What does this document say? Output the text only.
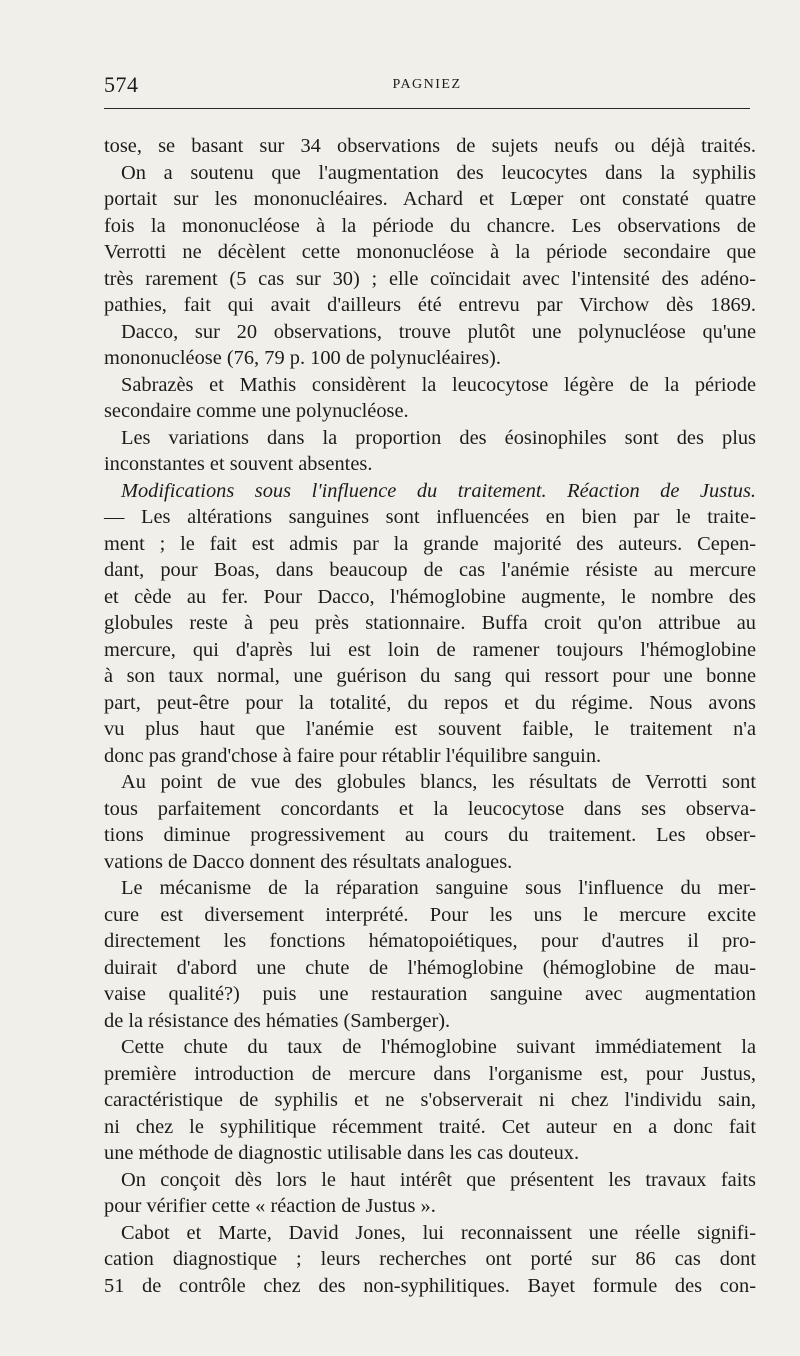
574	PAGNIEZ
tose, se basant sur 34 observations de sujets neufs ou déjà traités.
On a soutenu que l'augmentation des leucocytes dans la syphilis
portait sur les mononucléaires. Achard et Lœper ont constaté quatre
fois la mononucléose à la période du chancre. Les observations de
Verrotti ne décèlent cette mononucléose à la période secondaire que
très rarement (5 cas sur 30) ; elle coïncidait avec l'intensité des adéno-
pathies, fait qui avait d'ailleurs été entrevu par Virchow dès 1869.
Dacco, sur 20 observations, trouve plutôt une polynucléose qu'une
mononucléose (76, 79 p. 100 de polynucléaires).
Sabrazès et Mathis considèrent la leucocytose légère de la période
secondaire comme une polynucléose.
Les variations dans la proportion des éosinophiles sont des plus
inconstantes et souvent absentes.
Modifications sous l'influence du traitement. Réaction de Justus.
— Les altérations sanguines sont influencées en bien par le traite-
ment ; le fait est admis par la grande majorité des auteurs. Cepen-
dant, pour Boas, dans beaucoup de cas l'anémie résiste au mercure
et cède au fer. Pour Dacco, l'hémoglobine augmente, le nombre des
globules reste à peu près stationnaire. Buffa croit qu'on attribue au
mercure, qui d'après lui est loin de ramener toujours l'hémoglobine
à son taux normal, une guérison du sang qui ressort pour une bonne
part, peut-être pour la totalité, du repos et du régime. Nous avons
vu plus haut que l'anémie est souvent faible, le traitement n'a
donc pas grand'chose à faire pour rétablir l'équilibre sanguin.
Au point de vue des globules blancs, les résultats de Verrotti sont
tous parfaitement concordants et la leucocytose dans ses observa-
tions diminue progressivement au cours du traitement. Les obser-
vations de Dacco donnent des résultats analogues.
Le mécanisme de la réparation sanguine sous l'influence du mer-
cure est diversement interprété. Pour les uns le mercure excite
directement les fonctions hématopoiétiques, pour d'autres il pro-
duirait d'abord une chute de l'hémoglobine (hémoglobine de mau-
vaise qualité?) puis une restauration sanguine avec augmentation
de la résistance des hématies (Samberger).
Cette chute du taux de l'hémoglobine suivant immédiatement la
première introduction de mercure dans l'organisme est, pour Justus,
caractéristique de syphilis et ne s'observerait ni chez l'individu sain,
ni chez le syphilitique récemment traité. Cet auteur en a donc fait
une méthode de diagnostic utilisable dans les cas douteux.
On conçoit dès lors le haut intérêt que présentent les travaux faits
pour vérifier cette « réaction de Justus ».
Cabot et Marte, David Jones, lui reconnaissent une réelle signifi-
cation diagnostique ; leurs recherches ont porté sur 86 cas dont
51 de contrôle chez des non-syphilitiques. Bayet formule des con-
